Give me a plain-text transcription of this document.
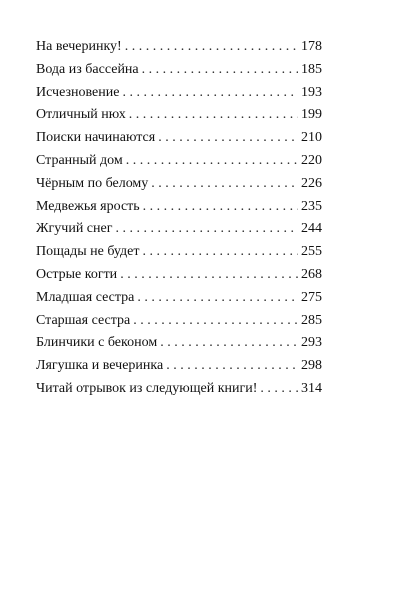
На вечеринку! . . .	178
Вода из бассейна . . .	185
Исчезновение . . .	193
Отличный нюх . . .	199
Поиски начинаются . . .	210
Странный дом . . .	220
Чёрным по белому . . .	226
Медвежья ярость . . .	235
Жгучий снег . . .	244
Пощады не будет . . .	255
Острые когти . . .	268
Младшая сестра . . .	275
Старшая сестра . . .	285
Блинчики с беконом . . .	293
Лягушка и вечеринка . . .	298
Читай отрывок из следующей книги! . . .	314
